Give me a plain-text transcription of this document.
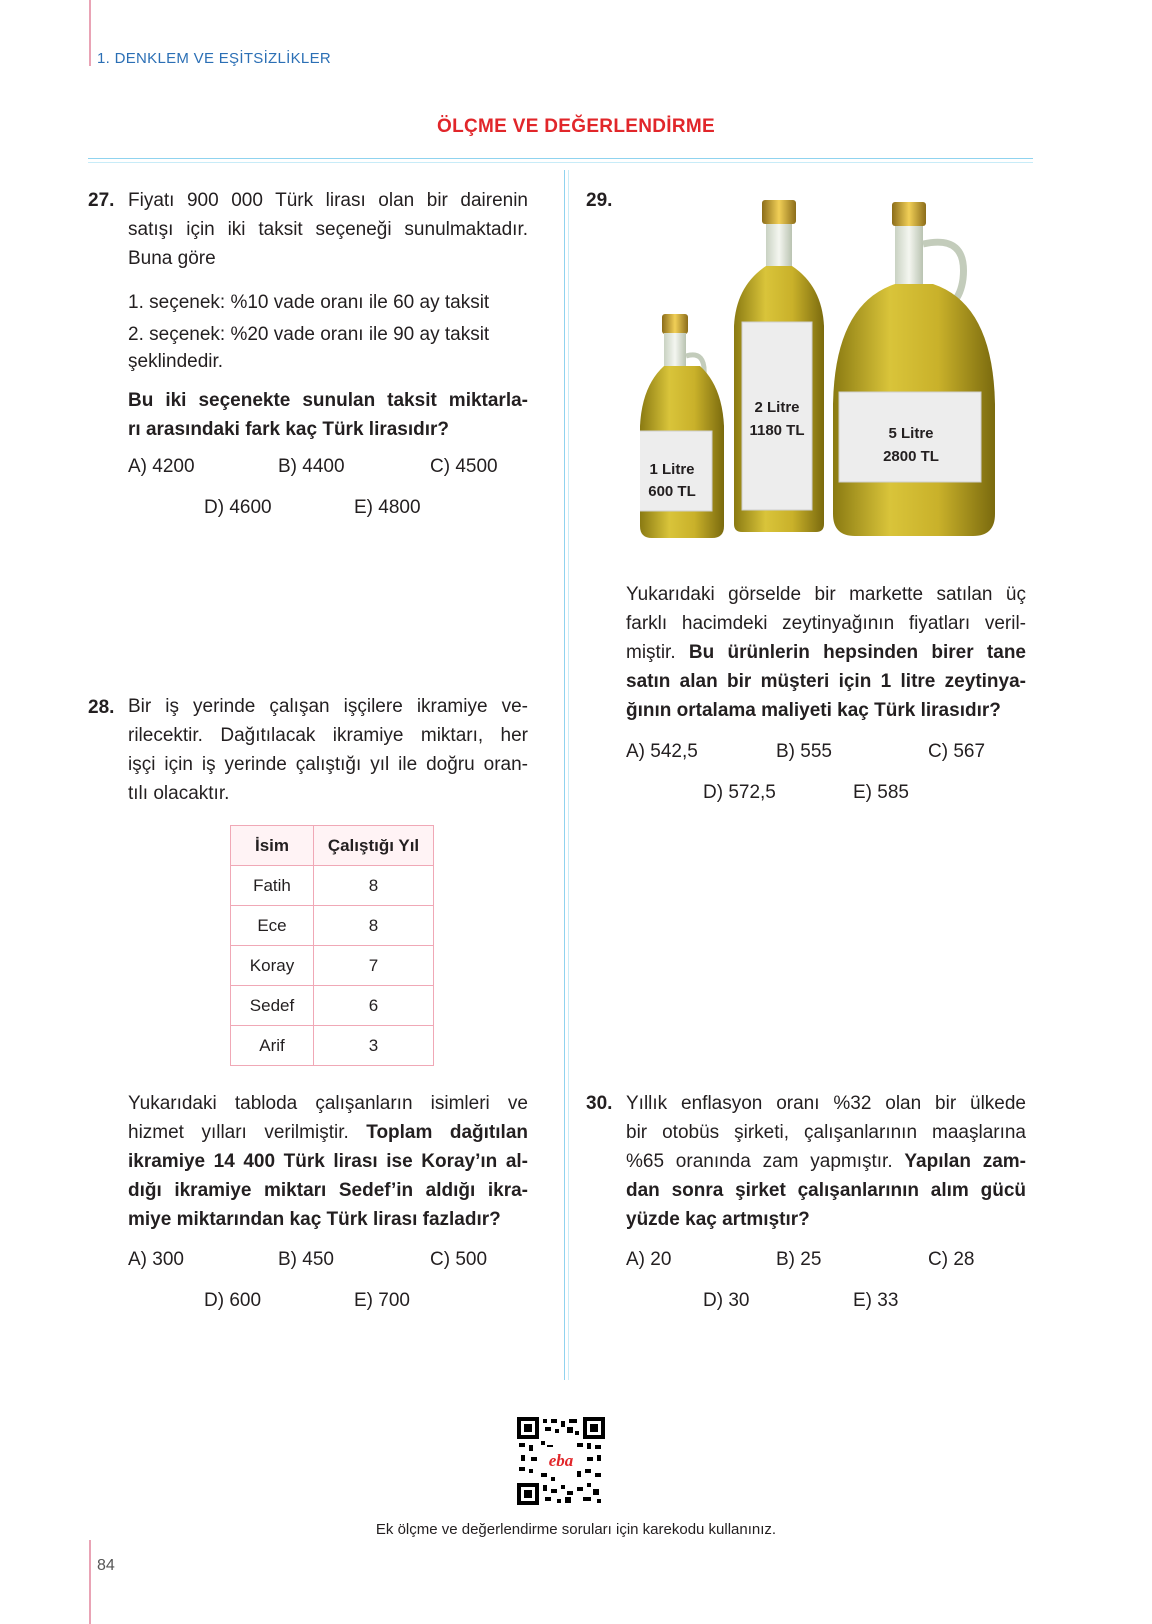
1. DENKLEM VE EŞİTSİZLİKLER
ÖLÇME VE DEĞERLENDİRME
27. Fiyatı 900 000 Türk lirası olan bir dairenin
satışı için iki taksit seçeneği sunulmaktadır.
Buna göre
1. seçenek: %10 vade oranı ile 60 ay taksit
2. seçenek: %20 vade oranı ile 90 ay taksit
şeklindedir.
Bu iki seçenekte sunulan taksit miktarla-
rı arasındaki fark kaç Türk lirasıdır?
A) 4200	B) 4400	C) 4500
D) 4600	E) 4800
28. Bir iş yerinde çalışan işçilere ikramiye ve-
rilecektir. Dağıtılacak ikramiye miktarı, her
işçi için iş yerinde çalıştığı yıl ile doğru oran-
tılı olacaktır.
İsim	Çalıştığı Yıl
Fatih	8
Ece	8
Koray	7
Sedef	6
Arif	3
Yukarıdaki tabloda çalışanların isimleri ve
hizmet yılları verilmiştir. Toplam dağıtılan
ikramiye 14 400 Türk lirası ise Koray’ın al-
dığı ikramiye miktarı Sedef’in aldığı ikra-
miye miktarından kaç Türk lirası fazladır?
A) 300	B) 450	C) 500
D) 600	E) 700
29.
1 Litre
600 TL
2 Litre
1180 TL	5 Litre
2800 TL
Yukarıdaki görselde bir markette satılan üç
farklı hacimdeki zeytinyağının fiyatları veril-
miştir. Bu ürünlerin hepsinden birer tane
satın alan bir müşteri için 1 litre zeytinya-
ğının ortalama maliyeti kaç Türk lirasıdır?
A) 542,5	B) 555	C) 567
D) 572,5	E) 585
30. Yıllık enflasyon oranı %32 olan bir ülkede
bir otobüs şirketi, çalışanlarının maaşlarına
%65 oranında zam yapmıştır. Yapılan zam-
dan sonra şirket çalışanlarının alım gücü
yüzde kaç artmıştır?
A) 20	B) 25	C) 28
D) 30	E) 33
eba
Ek ölçme ve değerlendirme soruları için karekodu kullanınız.
84
